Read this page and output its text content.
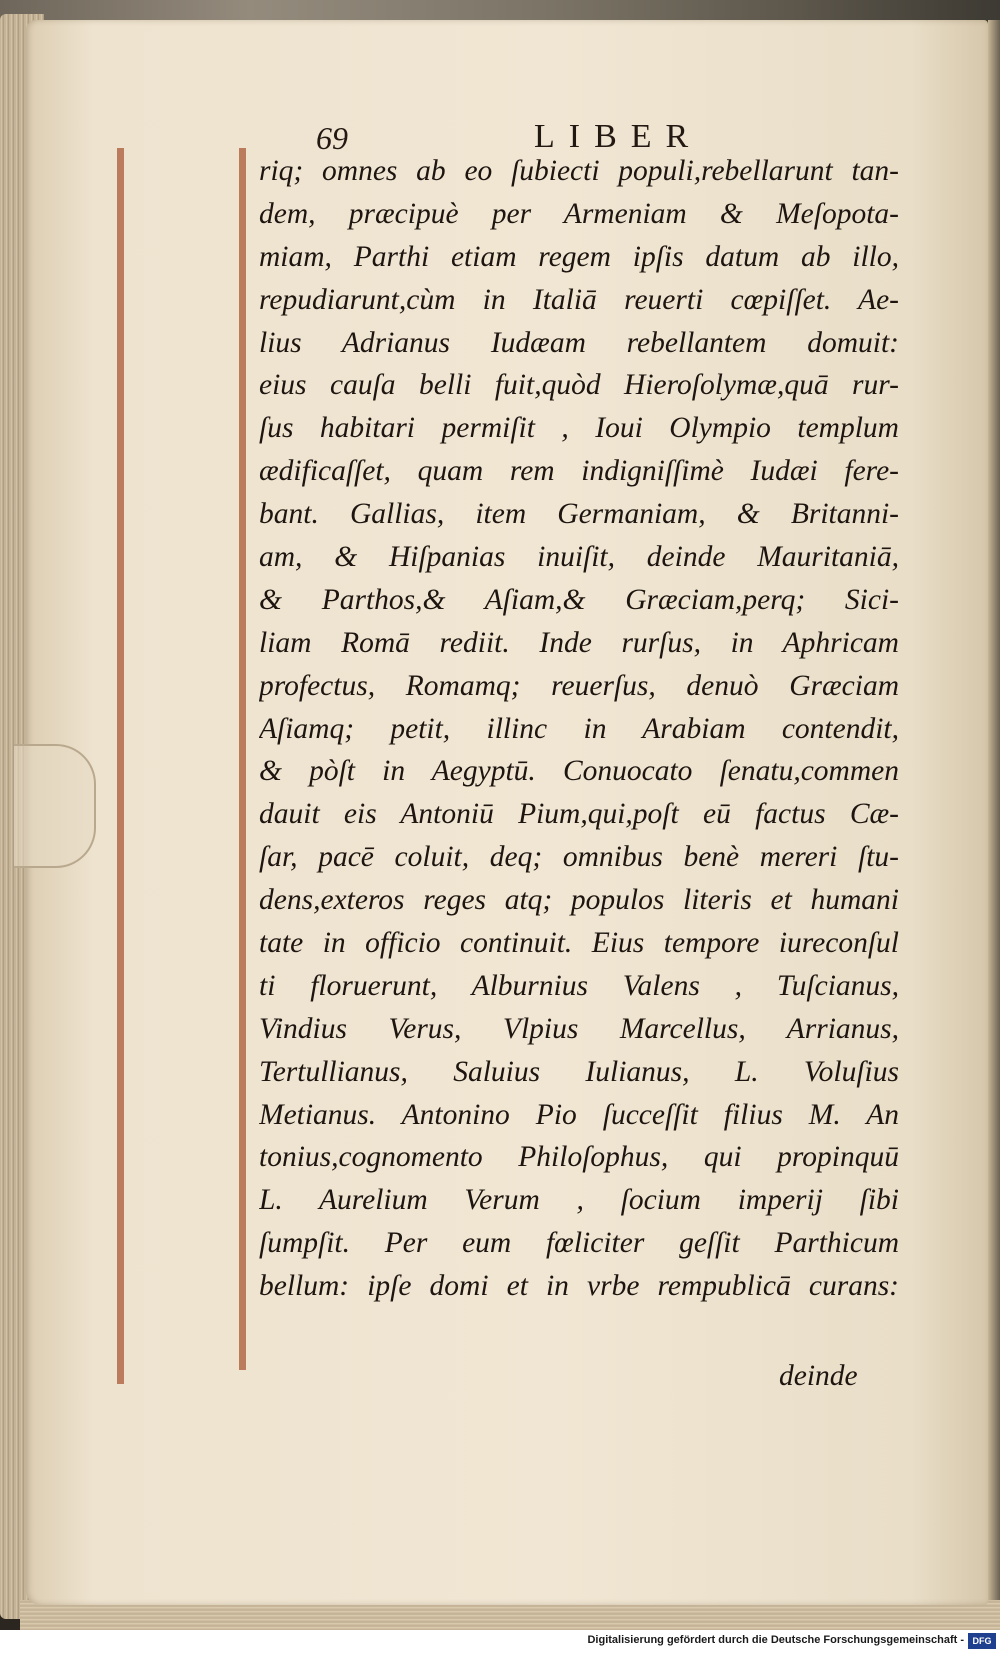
69	LIBER
riq; omnes ab eo ſubiecti populi,rebellarunt tan-
dem, præcipuè per Armeniam & Meſopota-
miam, Parthi etiam regem ipſis datum ab illo,
repudiarunt,cùm in Italiā reuerti cœpiſſet. Ae-
lius Adrianus Iudæam rebellantem domuit:
eius cauſa belli fuit,quòd Hieroſolymæ,quā rur-
ſus habitari permiſit , Ioui Olympio templum
ædificaſſet, quam rem indigniſſimè Iudæi fere-
bant. Gallias, item Germaniam, & Britanni-
am, & Hiſpanias inuiſit, deinde Mauritaniā,
& Parthos,& Aſiam,& Græciam,perq; Sici-
liam Romā rediit. Inde rurſus, in Aphricam
profectus, Romamq; reuerſus, denuò Græciam
Aſiamq; petit, illinc in Arabiam contendit,
& pòſt in Aegyptū. Conuocato ſenatu,commen
dauit eis Antoniū Pium,qui,poſt eū factus Cæ-
ſar, pacē coluit, deq; omnibus benè mereri ſtu-
dens,exteros reges atq; populos literis et humani
tate in officio continuit. Eius tempore iureconſul
ti floruerunt, Alburnius Valens , Tuſcianus,
Vindius Verus, Vlpius Marcellus, Arrianus,
Tertullianus, Saluius Iulianus, L. Voluſius
Metianus. Antonino Pio ſucceſſit filius M. An
tonius,cognomento Philoſophus, qui propinquū
L. Aurelium Verum , ſocium imperij ſibi
ſumpſit. Per eum fœliciter geſſit Parthicum
bellum: ipſe domi et in vrbe rempublicā curans:
deinde
Digitalisierung gefördert durch die Deutsche Forschungsgemeinschaft - DFG
